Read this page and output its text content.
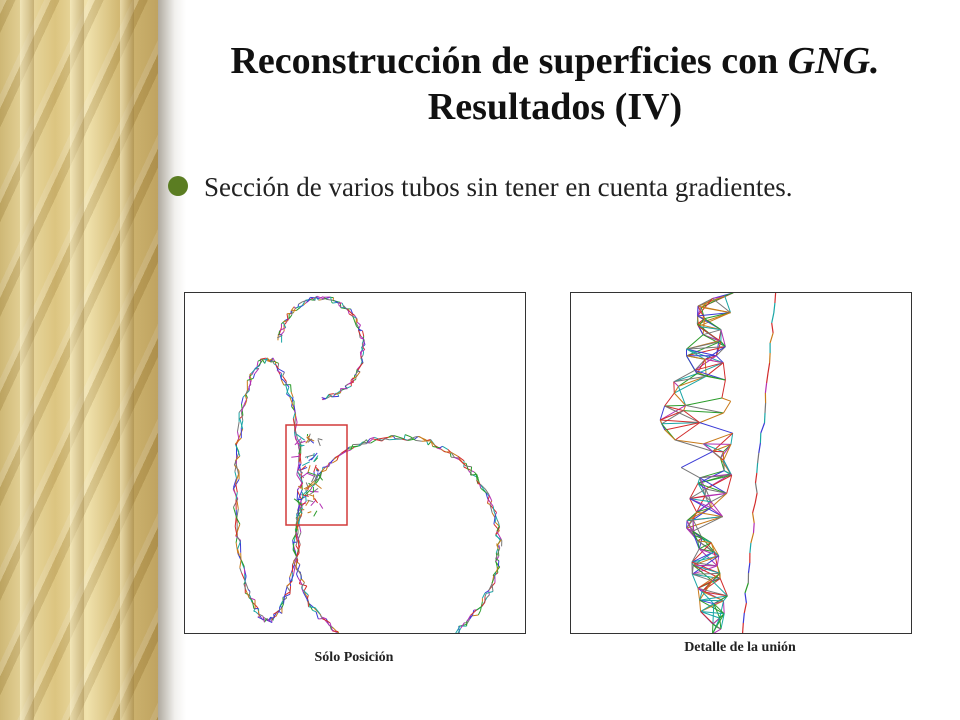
Reconstrucción de superficies con GNG.
Resultados (IV)
Sección de varios tubos sin tener en cuenta gradientes.
Sólo Posición
Detalle de la unión
